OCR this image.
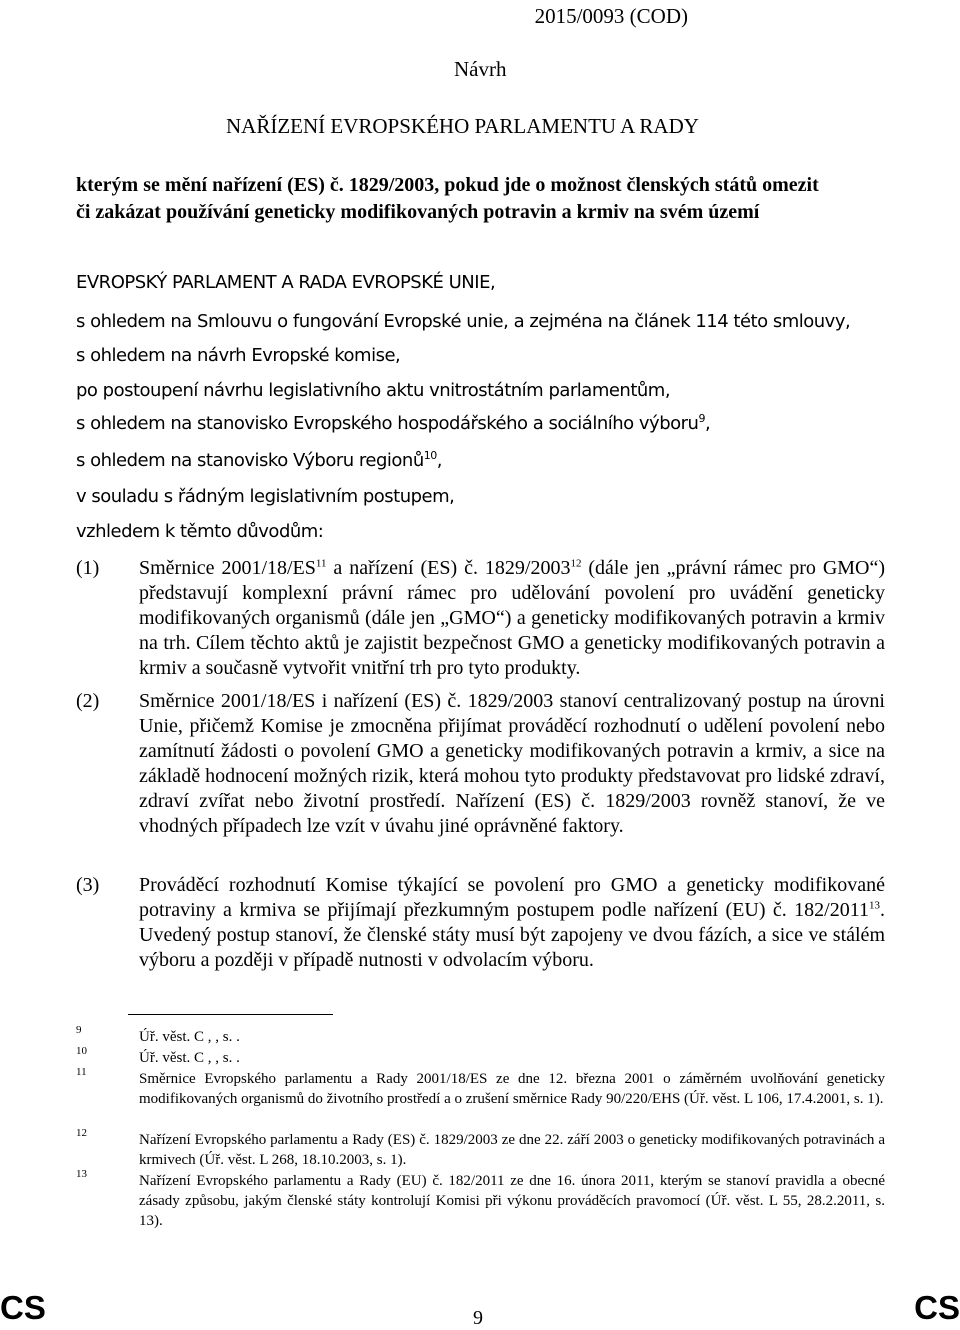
2015/0093 (COD)
Návrh
NAŘÍZENÍ EVROPSKÉHO PARLAMENTU A RADY
kterým se mění nařízení (ES) č. 1829/2003, pokud jde o možnost členských států omezit
či zakázat používání geneticky modifikovaných potravin a krmiv na svém území
EVROPSKÝ PARLAMENT A RADA EVROPSKÉ UNIE,
s ohledem na Smlouvu o fungování Evropské unie, a zejména na článek 114 této smlouvy,
s ohledem na návrh Evropské komise,
po postoupení návrhu legislativního aktu vnitrostátním parlamentům,
s ohledem na stanovisko Evropského hospodářského a sociálního výboru$^9$,
s ohledem na stanovisko Výboru regionů$^{10}$,
v souladu s řádným legislativním postupem,
vzhledem k těmto důvodům:
(1) Směrnice 2001/18/ES$^{11}$ a nařízení (ES) č. 1829/2003$^{12}$ (dále jen „právní rámec pro GMO“) představují komplexní právní rámec pro udělování povolení pro uvádění geneticky modifikovaných organismů (dále jen „GMO“) a geneticky modifikovaných potravin a krmiv na trh. Cílem těchto aktů je zajistit bezpečnost GMO a geneticky modifikovaných potravin a krmiv a současně vytvořit vnitřní trh pro tyto produkty.
(2) Směrnice 2001/18/ES i nařízení (ES) č. 1829/2003 stanoví centralizovaný postup na úrovni Unie, přičemž Komise je zmocněna přijímat prováděcí rozhodnutí o udělení povolení nebo zamítnutí žádosti o povolení GMO a geneticky modifikovaných potravin a krmiv, a sice na základě hodnocení možných rizik, která mohou tyto produkty představovat pro lidské zdraví, zdraví zvířat nebo životní prostředí. Nařízení (ES) č. 1829/2003 rovněž stanoví, že ve vhodných případech lze vzít v úvahu jiné oprávněné faktory.
(3) Prováděcí rozhodnutí Komise týkající se povolení pro GMO a geneticky modifikované potraviny a krmiva se přijímají přezkumným postupem podle nařízení (EU) č. 182/2011$^{13}$. Uvedený postup stanoví, že členské státy musí být zapojeny ve dvou fázích, a sice ve stálém výboru a později v případě nutnosti v odvolacím výboru.
9	Úř. věst. C , , s. .
10	Úř. věst. C , , s. .
11	Směrnice Evropského parlamentu a Rady 2001/18/ES ze dne 12. března 2001 o záměrném uvolňování geneticky modifikovaných organismů do životního prostředí a o zrušení směrnice Rady 90/220/EHS (Úř. věst. L 106, 17.4.2001, s. 1).
12	Nařízení Evropského parlamentu a Rady (ES) č. 1829/2003 ze dne 22. září 2003 o geneticky modifikovaných potravinách a krmivech (Úř. věst. L 268, 18.10.2003, s. 1).
13	Nařízení Evropského parlamentu a Rady (EU) č. 182/2011 ze dne 16. února 2011, kterým se stanoví pravidla a obecné zásady způsobu, jakým členské státy kontrolují Komisi při výkonu prováděcích pravomocí (Úř. věst. L 55, 28.2.2011, s. 13).
CS	9	CS
